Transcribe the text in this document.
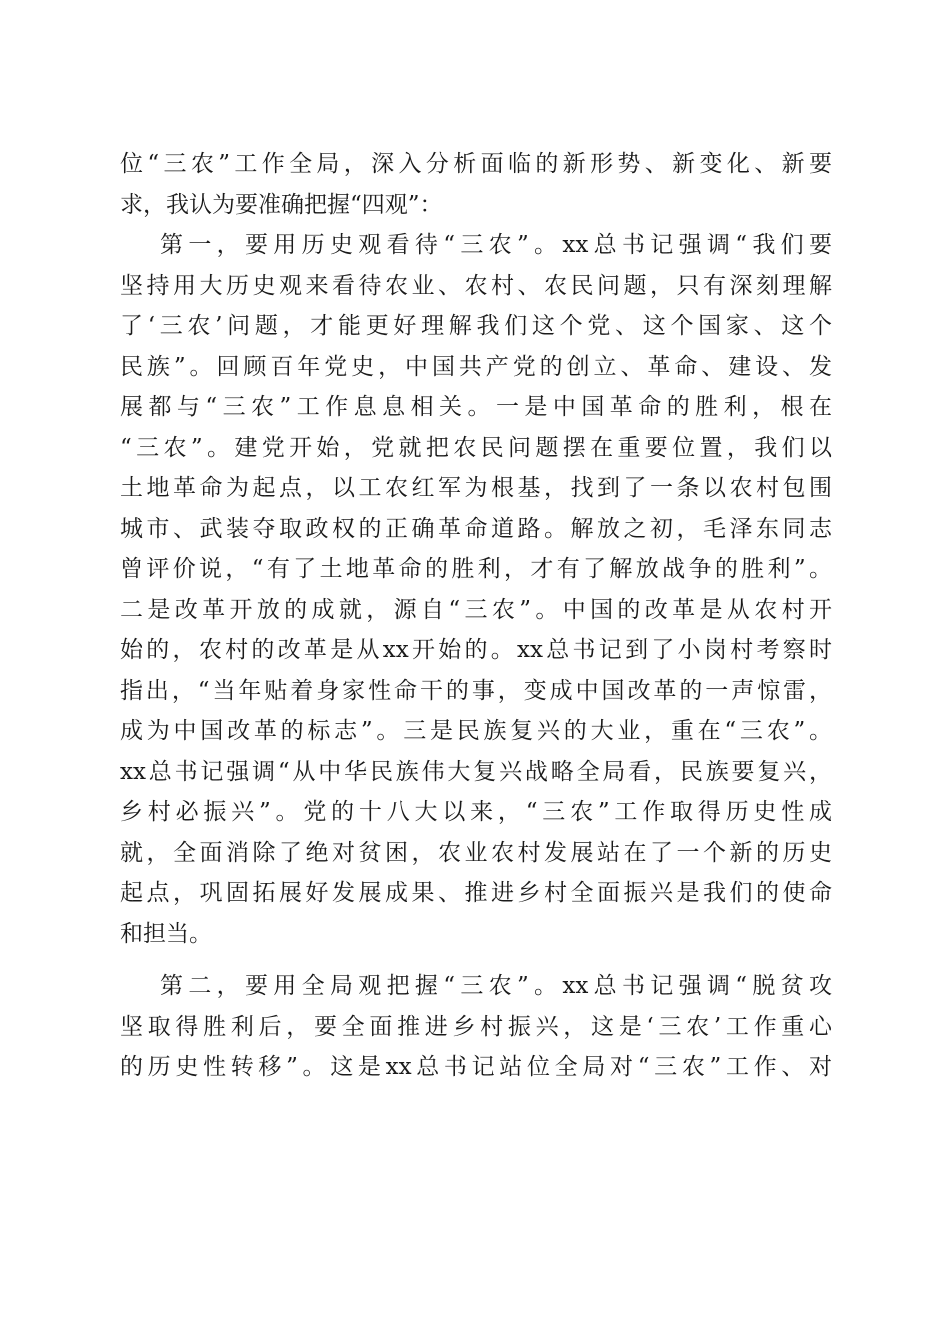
位“三农”工作全局，深入分析面临的新形势、新变化、新要
求，我认为要准确把握“四观”：
第一，要用历史观看待“三农”。xx总书记强调“我们要
坚持用大历史观来看待农业、农村、农民问题，只有深刻理解
了‘三农’问题，才能更好理解我们这个党、这个国家、这个
民族”。回顾百年党史，中国共产党的创立、革命、建设、发
展都与“三农”工作息息相关。一是中国革命的胜利，根在
“三农”。建党开始，党就把农民问题摆在重要位置，我们以
土地革命为起点，以工农红军为根基，找到了一条以农村包围
城市、武装夺取政权的正确革命道路。解放之初，毛泽东同志
曾评价说，“有了土地革命的胜利，才有了解放战争的胜利”。
二是改革开放的成就，源自“三农”。中国的改革是从农村开
始的，农村的改革是从xx开始的。xx总书记到了小岗村考察时
指出，“当年贴着身家性命干的事，变成中国改革的一声惊雷，
成为中国改革的标志”。三是民族复兴的大业，重在“三农”。
xx总书记强调“从中华民族伟大复兴战略全局看，民族要复兴，
乡村必振兴”。党的十八大以来，“三农”工作取得历史性成
就，全面消除了绝对贫困，农业农村发展站在了一个新的历史
起点，巩固拓展好发展成果、推进乡村全面振兴是我们的使命
和担当。
第二，要用全局观把握“三农”。xx总书记强调“脱贫攻
坚取得胜利后，要全面推进乡村振兴，这是‘三农’工作重心
的历史性转移”。这是xx总书记站位全局对“三农”工作、对
